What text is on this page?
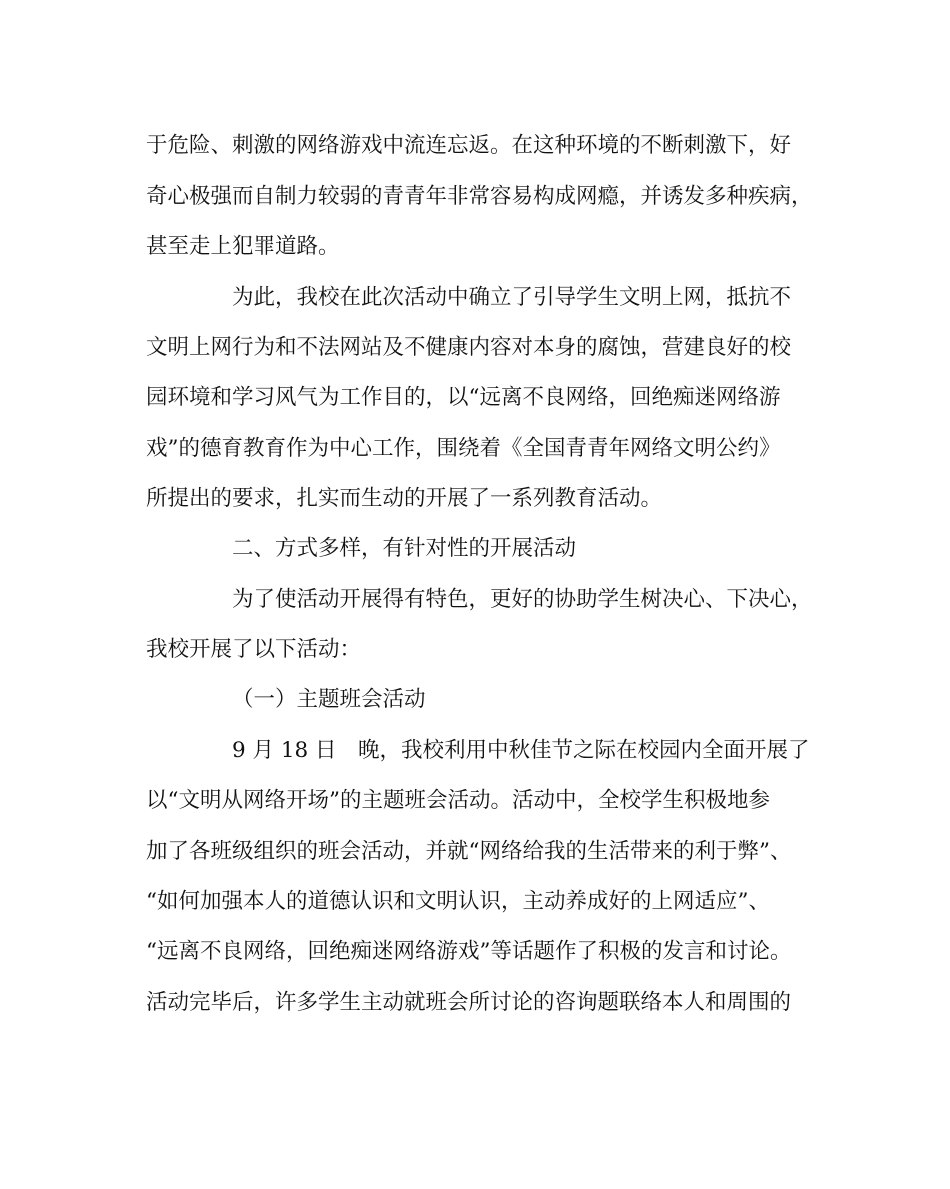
于危险、刺激的网络游戏中流连忘返。在这种环境的不断刺激下，好
奇心极强而自制力较弱的青青年非常容易构成网瘾，并诱发多种疾病，
甚至走上犯罪道路。
为此，我校在此次活动中确立了引导学生文明上网，抵抗不
文明上网行为和不法网站及不健康内容对本身的腐蚀，营建良好的校
园环境和学习风气为工作目的，以“远离不良网络，回绝痴迷网络游
戏”的德育教育作为中心工作，围绕着《全国青青年网络文明公约》
所提出的要求，扎实而生动的开展了一系列教育活动。
二、方式多样，有针对性的开展活动
为了使活动开展得有特色，更好的协助学生树决心、下决心，
我校开展了以下活动：
（一）主题班会活动
9 月 18 日　晚，我校利用中秋佳节之际在校园内全面开展了
以“文明从网络开场”的主题班会活动。活动中，全校学生积极地参
加了各班级组织的班会活动，并就“网络给我的生活带来的利于弊”、
“如何加强本人的道德认识和文明认识，主动养成好的上网适应”、
“远离不良网络，回绝痴迷网络游戏”等话题作了积极的发言和讨论。
活动完毕后，许多学生主动就班会所讨论的咨询题联络本人和周围的
